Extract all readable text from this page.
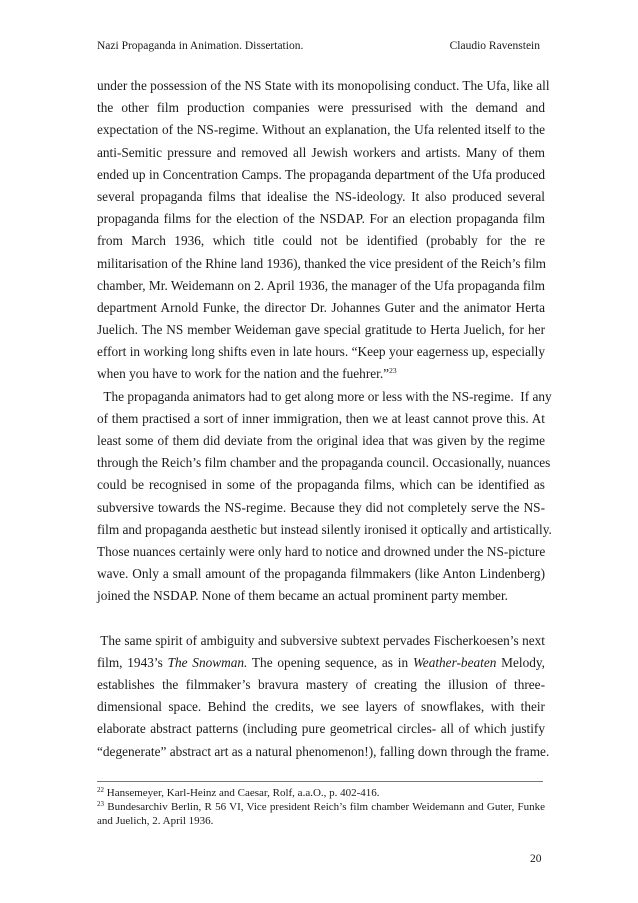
Nazi Propaganda in Animation. Dissertation.	Claudio Ravenstein
under the possession of the NS State with its monopolising conduct. The Ufa, like all
the other film production companies were pressurised with the demand and
expectation of the NS-regime. Without an explanation, the Ufa relented itself to the
anti-Semitic pressure and removed all Jewish workers and artists. Many of them
ended up in Concentration Camps. The propaganda department of the Ufa produced
several propaganda films that idealise the NS-ideology. It also produced several
propaganda films for the election of the NSDAP. For an election propaganda film
from March 1936, which title could not be identified (probably for the re
militarisation of the Rhine land 1936), thanked the vice president of the Reich’s film
chamber, Mr. Weidemann on 2. April 1936, the manager of the Ufa propaganda film
department Arnold Funke, the director Dr. Johannes Guter and the animator Herta
Juelich. The NS member Weideman gave special gratitude to Herta Juelich, for her
effort in working long shifts even in late hours. “Keep your eagerness up, especially
when you have to work for the nation and the fuehrer.”$^{23}$
The propaganda animators had to get along more or less with the NS-regime.  If any
of them practised a sort of inner immigration, then we at least cannot prove this. At
least some of them did deviate from the original idea that was given by the regime
through the Reich’s film chamber and the propaganda council. Occasionally, nuances
could be recognised in some of the propaganda films, which can be identified as
subversive towards the NS-regime. Because they did not completely serve the NS-
film and propaganda aesthetic but instead silently ironised it optically and artistically.
Those nuances certainly were only hard to notice and drowned under the NS-picture
wave. Only a small amount of the propaganda filmmakers (like Anton Lindenberg)
joined the NSDAP. None of them became an actual prominent party member.
The same spirit of ambiguity and subversive subtext pervades Fischerkoesen’s next
film, 1943’s The Snowman. The opening sequence, as in Weather-beaten Melody,
establishes the filmmaker’s bravura mastery of creating the illusion of three-
dimensional space. Behind the credits, we see layers of snowflakes, with their
elaborate abstract patterns (including pure geometrical circles- all of which justify
“degenerate” abstract art as a natural phenomenon!), falling down through the frame.
$^{22}$ Hansemeyer, Karl-Heinz and Caesar, Rolf, a.a.O., p. 402-416.
$^{23}$ Bundesarchiv Berlin, R 56 VI, Vice president Reich’s film chamber Weidemann and Guter, Funke
and Juelich, 2. April 1936.
20
